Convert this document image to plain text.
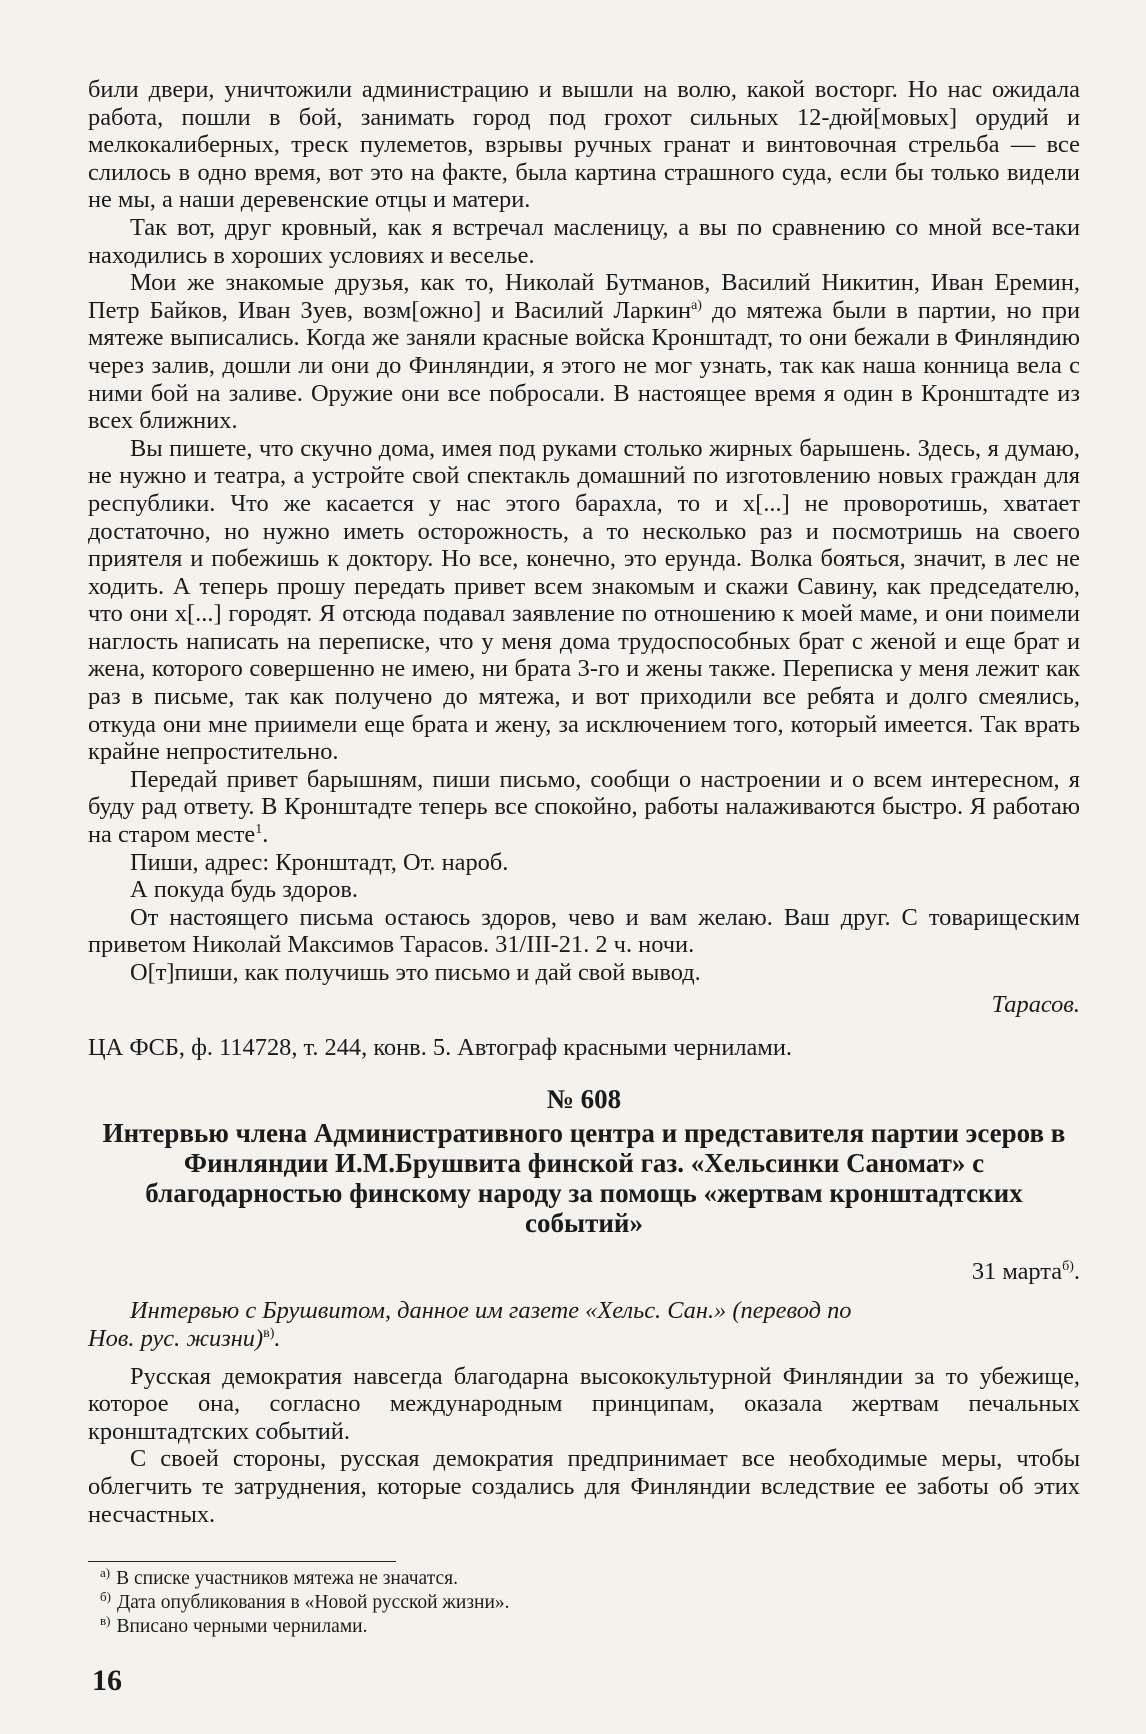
били двери, уничтожили администрацию и вышли на волю, какой восторг. Но нас ожидала работа, пошли в бой, занимать город под грохот сильных 12-дюй[мовых] орудий и мелкокалиберных, треск пулеметов, взрывы ручных гранат и винтовочная стрельба — все слилось в одно время, вот это на факте, была картина страшного суда, если бы только видели не мы, а наши деревенские отцы и матери.

Так вот, друг кровный, как я встречал масленицу, а вы по сравнению со мной все-таки находились в хороших условиях и веселье.

Мои же знакомые друзья, как то, Николай Бутманов, Василий Никитин, Иван Еремин, Петр Байков, Иван Зуев, возм[ожно] и Василий Ларкин$^{а)}$ до мятежа были в партии, но при мятеже выписались. Когда же заняли красные войска Кронштадт, то они бежали в Финляндию через залив, дошли ли они до Финляндии, я этого не мог узнать, так как наша конница вела с ними бой на заливе. Оружие они все побросали. В настоящее время я один в Кронштадте из всех ближних.

Вы пишете, что скучно дома, имея под руками столько жирных барышень. Здесь, я думаю, не нужно и театра, а устройте свой спектакль домашний по изготовлению новых граждан для республики. Что же касается у нас этого барахла, то и х[...] не проворотишь, хватает достаточно, но нужно иметь осторожность, а то несколько раз и посмотришь на своего приятеля и побежишь к доктору. Но все, конечно, это ерунда. Волка бояться, значит, в лес не ходить. А теперь прошу передать привет всем знакомым и скажи Савину, как председателю, что они х[...] городят. Я отсюда подавал заявление по отношению к моей маме, и они поимели наглость написать на переписке, что у меня дома трудоспособных брат с женой и еще брат и жена, которого совершенно не имею, ни брата 3-го и жены также. Переписка у меня лежит как раз в письме, так как получено до мятежа, и вот приходили все ребята и долго смеялись, откуда они мне приимели еще брата и жену, за исключением того, который имеется. Так врать крайне непростительно.

Передай привет барышням, пиши письмо, сообщи о настроении и о всем интересном, я буду рад ответу. В Кронштадте теперь все спокойно, работы налаживаются быстро. Я работаю на старом месте$^1$.

Пиши, адрес: Кронштадт, От. нароб.

А покуда будь здоров.

От настоящего письма остаюсь здоров, чево и вам желаю. Ваш друг. С товарищеским приветом Николай Максимов Тарасов. 31/III-21. 2 ч. ночи.

О[т]пиши, как получишь это письмо и дай свой вывод.

Тарасов.

ЦА ФСБ, ф. 114728, т. 244, конв. 5. Автограф красными чернилами.

№ 608

Интервью члена Административного центра и представителя партии эсеров в Финляндии И.М.Брушвита финской газ. «Хельсинки Саномат» с благодарностью финскому народу за помощь «жертвам кронштадтских событий»

31 марта$^{б)}$.

Интервью с Брушвитом, данное им газете «Хельс. Сан.» (перевод по Нов. рус. жизни)$^{в)}$.

Русская демократия навсегда благодарна высококультурной Финляндии за то убежище, которое она, согласно международным принципам, оказала жертвам печальных кронштадтских событий.

С своей стороны, русская демократия предпринимает все необходимые меры, чтобы облегчить те затруднения, которые создались для Финляндии вследствие ее заботы об этих несчастных.

$^{а)}$ В списке участников мятежа не значатся.

$^{б)}$ Дата опубликования в «Новой русской жизни».

$^{в)}$ Вписано черными чернилами.

16
